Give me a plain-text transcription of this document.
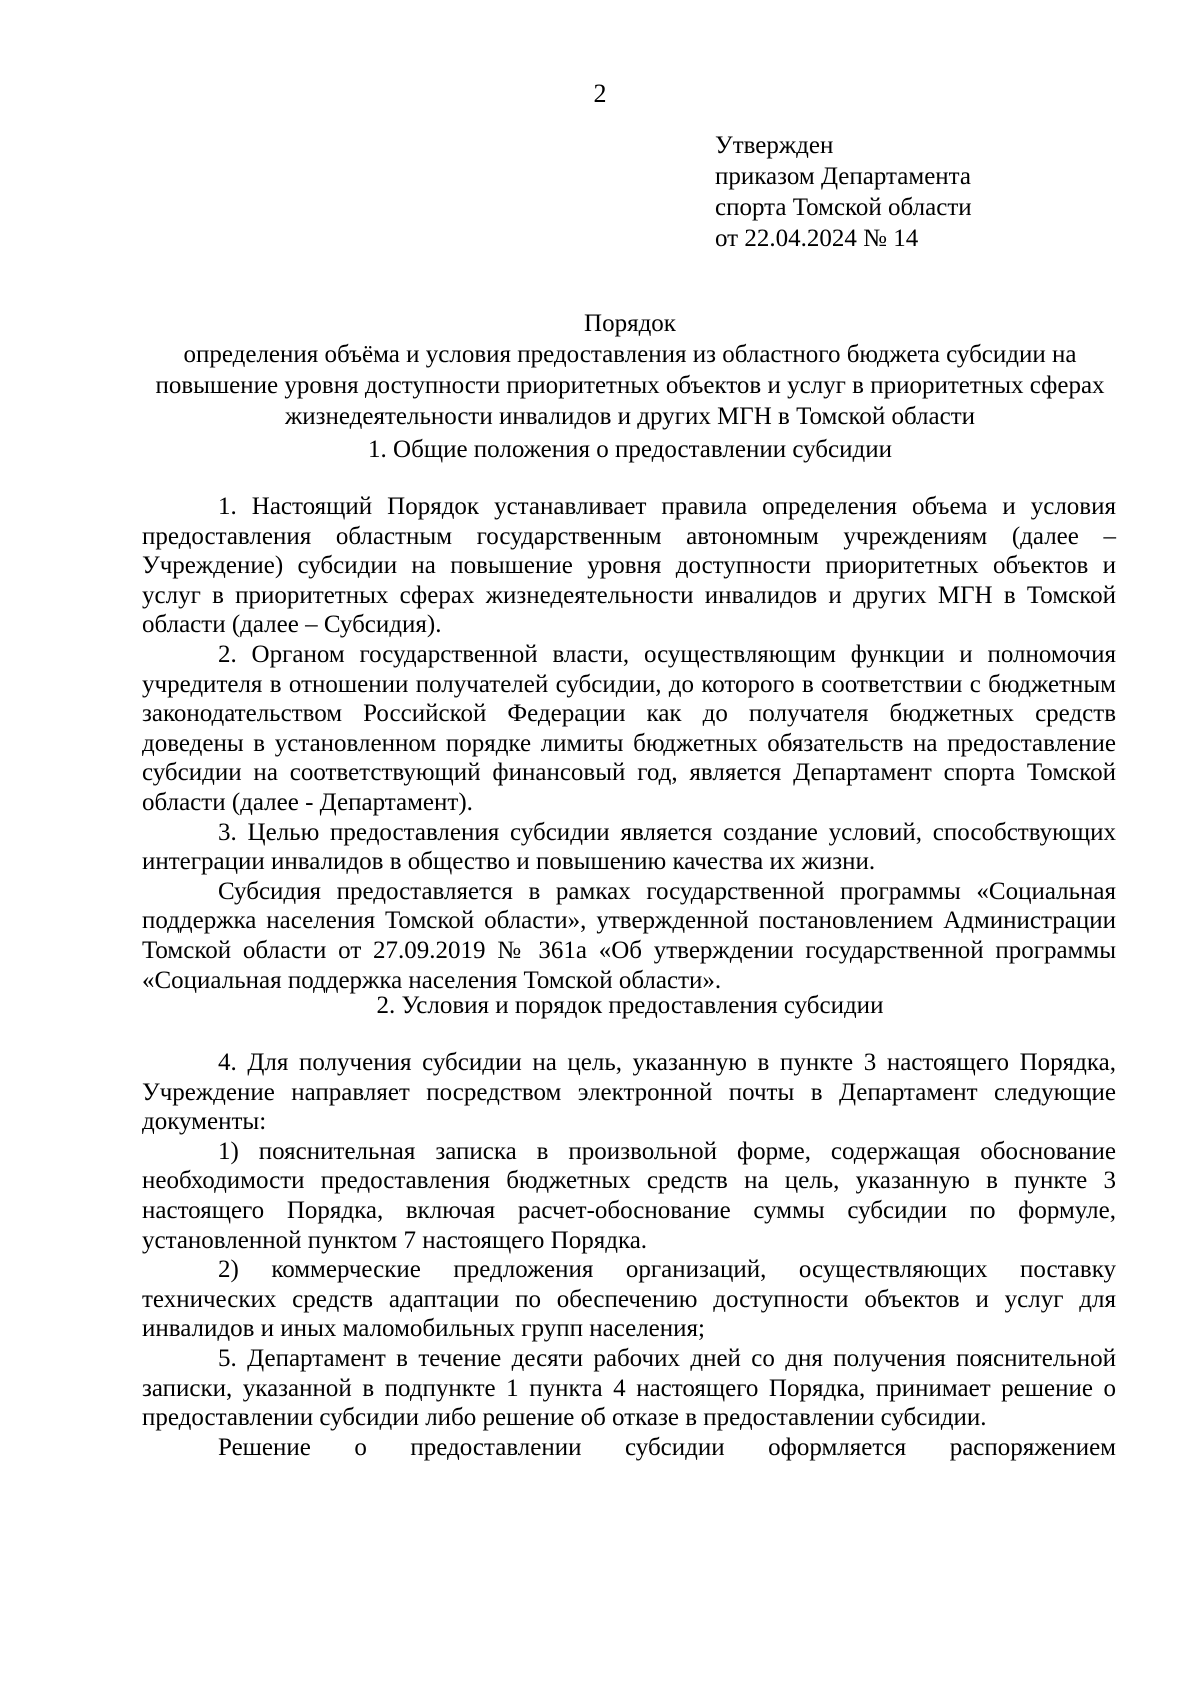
2
Утвержден
приказом Департамента
спорта Томской области
от 22.04.2024 № 14
Порядок
определения объёма и условия предоставления из областного бюджета субсидии на повышение уровня доступности приоритетных объектов и услуг в приоритетных сферах жизнедеятельности инвалидов и других МГН в Томской области
1. Общие положения о предоставлении субсидии

1. Настоящий Порядок устанавливает правила определения объема и условия предоставления областным государственным автономным учреждениям (далее – Учреждение) субсидии на повышение уровня доступности приоритетных объектов и услуг в приоритетных сферах жизнедеятельности инвалидов и других МГН в Томской области (далее – Субсидия).

2. Органом государственной власти, осуществляющим функции и полномочия учредителя в отношении получателей субсидии, до которого в соответствии с бюджетным законодательством Российской Федерации как до получателя бюджетных средств доведены в установленном порядке лимиты бюджетных обязательств на предоставление субсидии на соответствующий финансовый год, является Департамент спорта Томской области (далее - Департамент).

3. Целью предоставления субсидии является создание условий, способствующих интеграции инвалидов в общество и повышению качества их жизни.

Субсидия предоставляется в рамках государственной программы «Социальная поддержка населения Томской области», утвержденной постановлением Администрации Томской области от 27.09.2019 № 361а «Об утверждении государственной программы «Социальная поддержка населения Томской области».

2. Условия и порядок предоставления субсидии

4. Для получения субсидии на цель, указанную в пункте 3 настоящего Порядка, Учреждение направляет посредством электронной почты в Департамент следующие документы:

1) пояснительная записка в произвольной форме, содержащая обоснование необходимости предоставления бюджетных средств на цель, указанную в пункте 3 настоящего Порядка, включая расчет-обоснование суммы субсидии по формуле, установленной пунктом 7 настоящего Порядка.

2) коммерческие предложения организаций, осуществляющих поставку технических средств адаптации по обеспечению доступности объектов и услуг для инвалидов и иных маломобильных групп населения;

5. Департамент в течение десяти рабочих дней со дня получения пояснительной записки, указанной в подпункте 1 пункта 4 настоящего Порядка, принимает решение о предоставлении субсидии либо решение об отказе в предоставлении субсидии.

Решение о предоставлении субсидии оформляется распоряжением
